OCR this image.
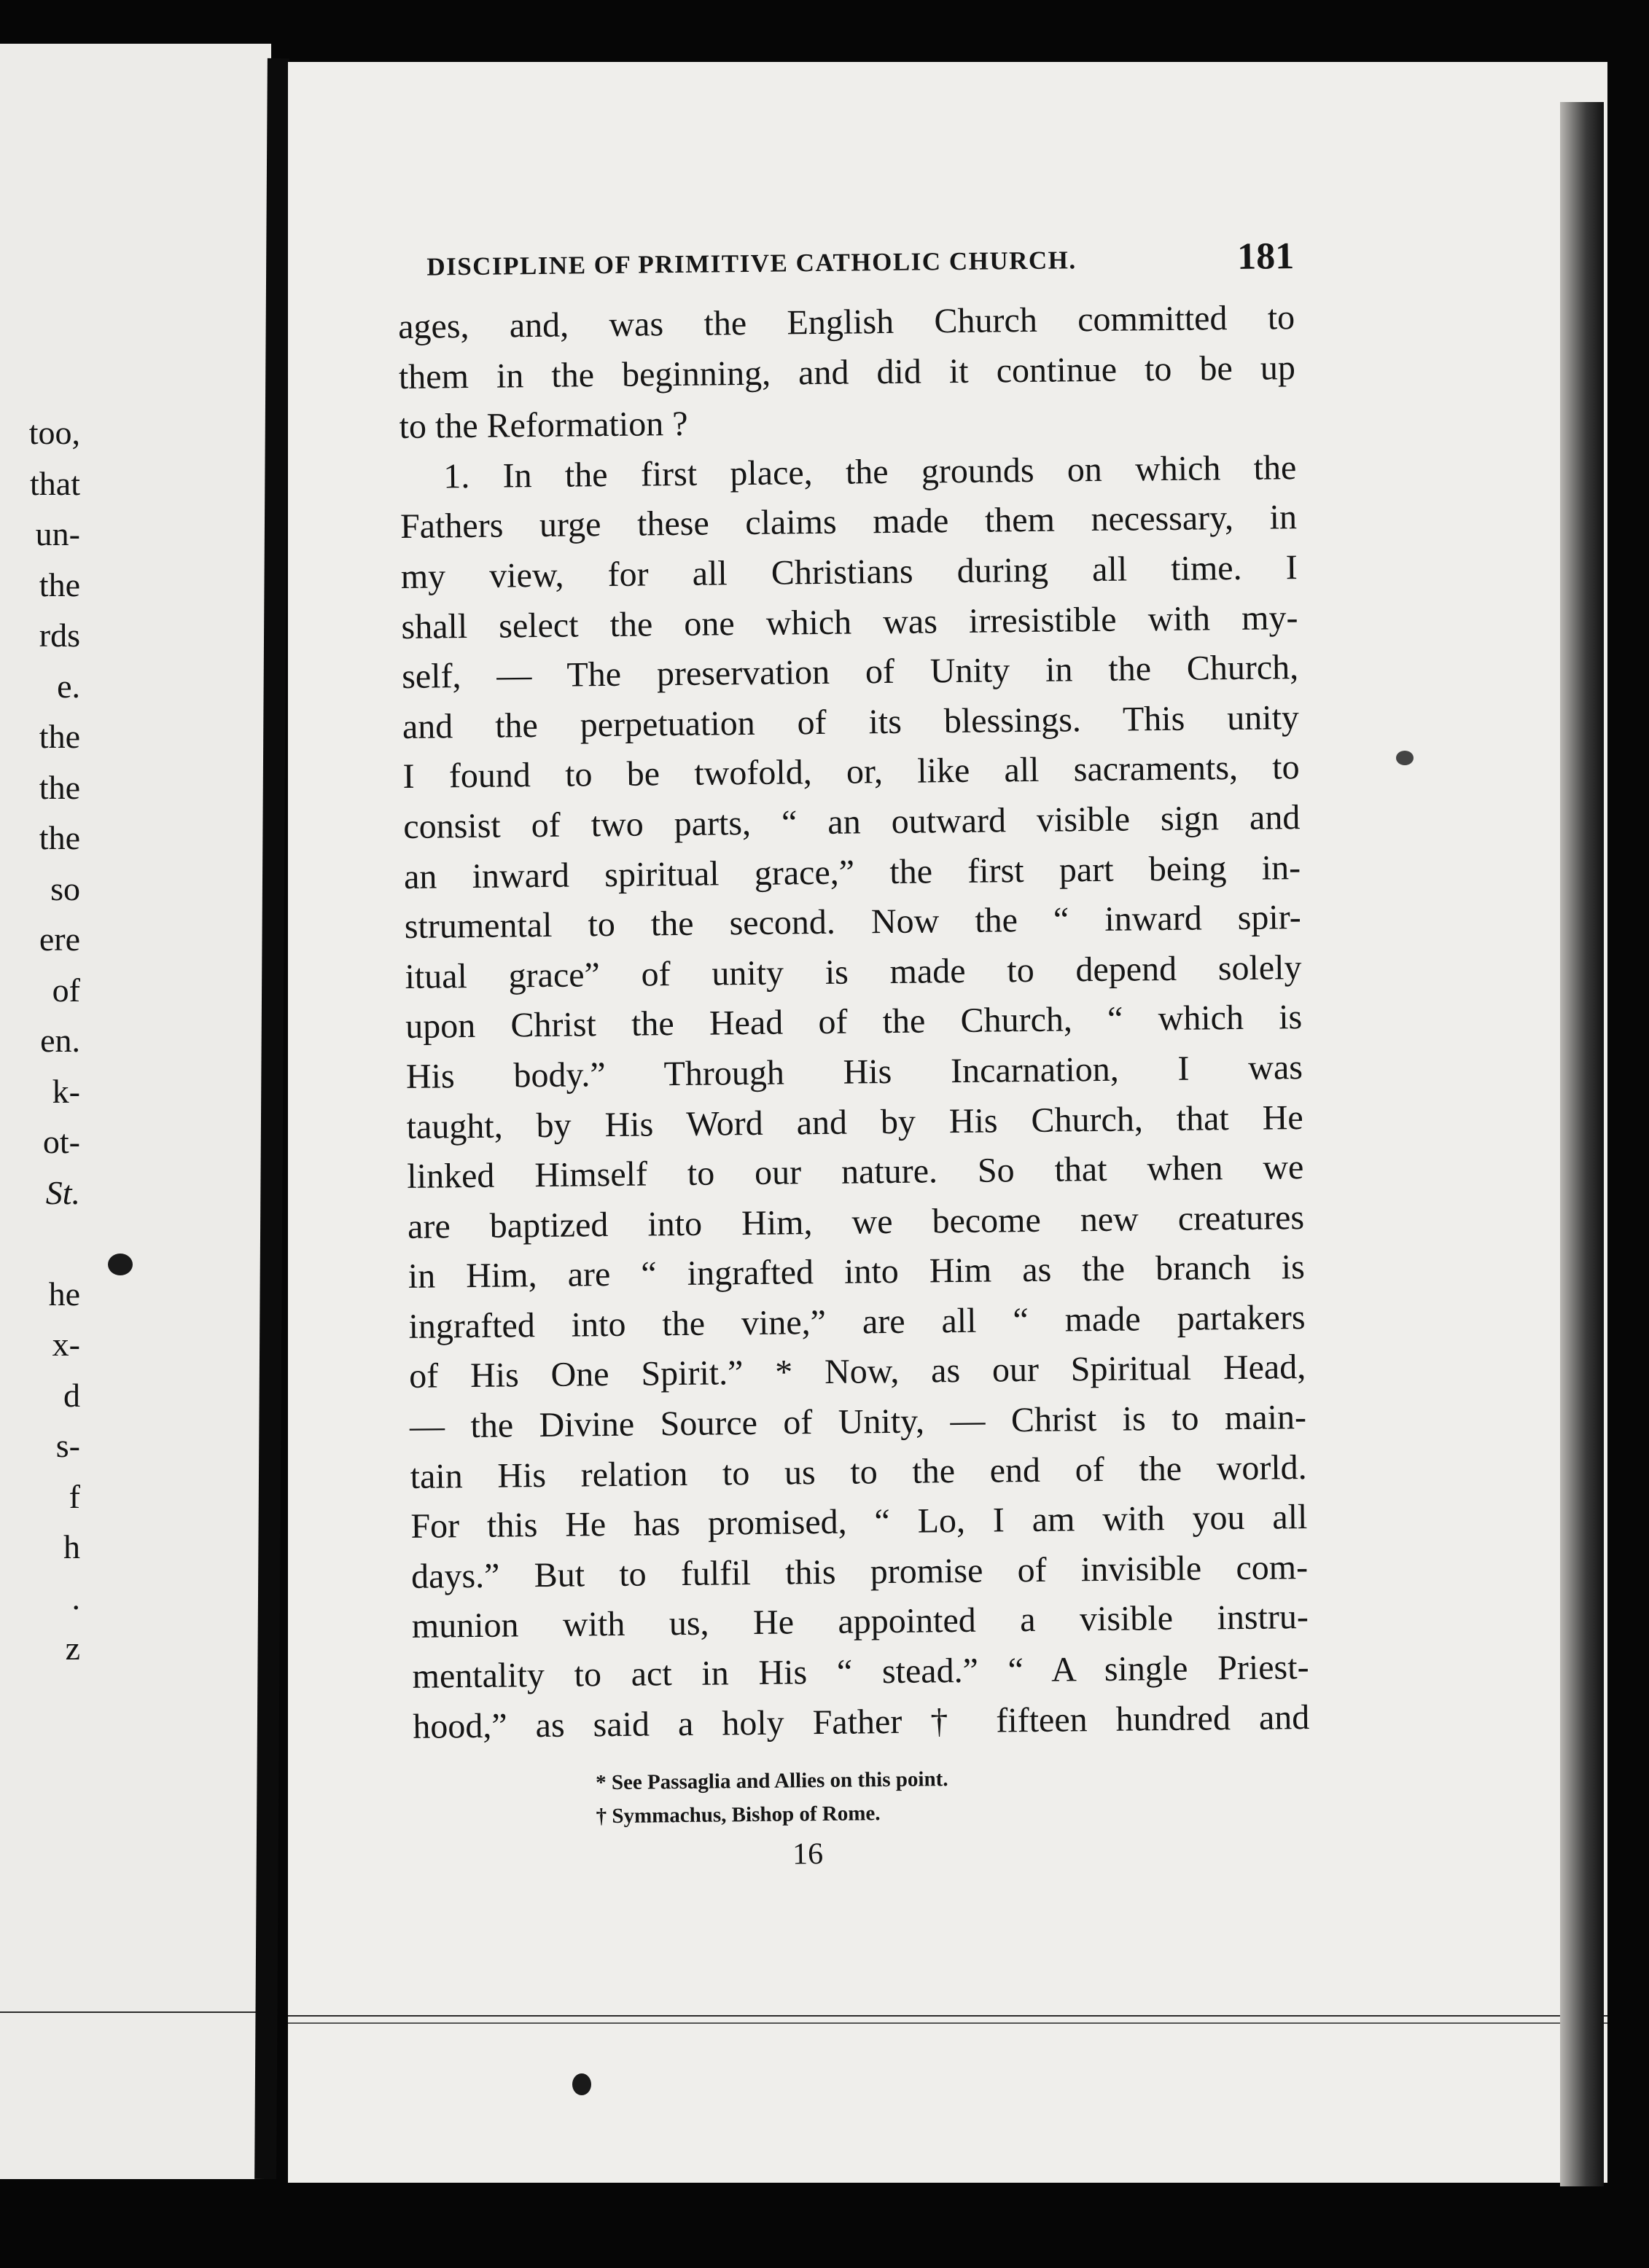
too,
that
un-
the
rds
e.
the
the
the
so
ere
of
en.
k-
ot-
St.
he
x-
d
s-
f
h
.
z
DISCIPLINE OF PRIMITIVE CATHOLIC CHURCH.	181
ages, and, was the English Church committed to
them in the beginning, and did it continue to be up
to the Reformation ?
1. In the first place, the grounds on which the
Fathers urge these claims made them necessary, in
my view, for all Christians during all time. I
shall select the one which was irresistible with my-
self, — The preservation of Unity in the Church,
and the perpetuation of its blessings. This unity
I found to be twofold, or, like all sacraments, to
consist of two parts, “ an outward visible sign and
an inward spiritual grace,” the first part being in-
strumental to the second. Now the “ inward spir-
itual grace” of unity is made to depend solely
upon Christ the Head of the Church, “ which is
His body.” Through His Incarnation, I was
taught, by His Word and by His Church, that He
linked Himself to our nature. So that when we
are baptized into Him, we become new creatures
in Him, are “ ingrafted into Him as the branch is
ingrafted into the vine,” are all “ made partakers
of His One Spirit.” * Now, as our Spiritual Head,
— the Divine Source of Unity, — Christ is to main-
tain His relation to us to the end of the world.
For this He has promised, “ Lo, I am with you all
days.” But to fulfil this promise of invisible com-
munion with us, He appointed a visible instru-
mentality to act in His “ stead.” “ A single Priest-
hood,” as said a holy Father † fifteen hundred and
* See Passaglia and Allies on this point.
† Symmachus, Bishop of Rome.
16
